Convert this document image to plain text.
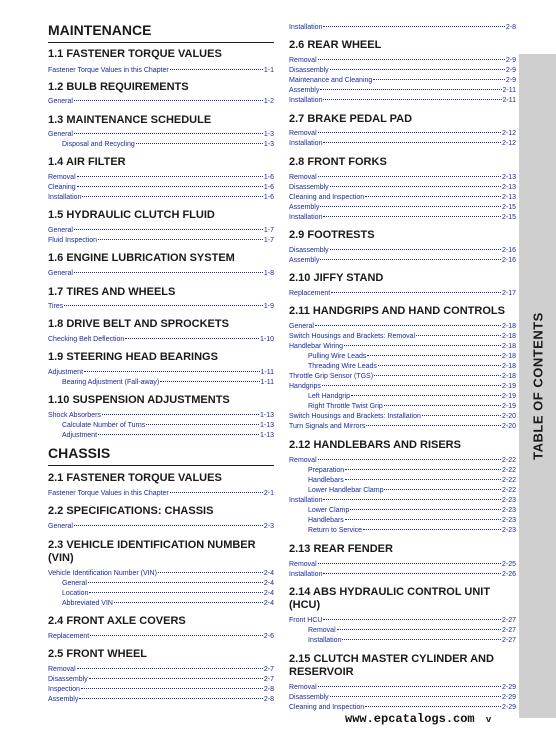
MAINTENANCE
1.1 FASTENER TORQUE VALUES
Fastener Torque Values in this Chapter	1-1
1.2 BULB REQUIREMENTS
General	1-2
1.3 MAINTENANCE SCHEDULE
General	1-3
Disposal and Recycling	1-3
1.4 AIR FILTER
Removal	1-6
Cleaning	1-6
Installation	1-6
1.5 HYDRAULIC CLUTCH FLUID
General	1-7
Fluid Inspection	1-7
1.6 ENGINE LUBRICATION SYSTEM
General	1-8
1.7 TIRES AND WHEELS
Tires	1-9
1.8 DRIVE BELT AND SPROCKETS
Checking Belt Deflection	1-10
1.9 STEERING HEAD BEARINGS
Adjustment	1-11
Bearing Adjustment (Fall-away)	1-11
1.10 SUSPENSION ADJUSTMENTS
Shock Absorbers	1-13
Calculate Number of Turns	1-13
Adjustment	1-13
CHASSIS
2.1 FASTENER TORQUE VALUES
Fastener Torque Values in this Chapter	2-1
2.2 SPECIFICATIONS: CHASSIS
General	2-3
2.3 VEHICLE IDENTIFICATION NUMBER
(VIN)
Vehicle Identification Number (VIN)	2-4
General	2-4
Location	2-4
Abbreviated VIN	2-4
2.4 FRONT AXLE COVERS
Replacement	2-6
2.5 FRONT WHEEL
Removal	2-7
Disassembly	2-7
Inspection	2-8
Assembly	2-8
Installation	2-8
2.6 REAR WHEEL
Removal	2-9
Disassembly	2-9
Maintenance and Cleaning	2-9
Assembly	2-11
Installation	2-11
2.7 BRAKE PEDAL PAD
Removal	2-12
Installation	2-12
2.8 FRONT FORKS
Removal	2-13
Disassembly	2-13
Cleaning and Inspection	2-13
Assembly	2-15
Installation	2-15
2.9 FOOTRESTS
Disassembly	2-16
Assembly	2-16
2.10 JIFFY STAND
Replacement	2-17
2.11 HANDGRIPS AND HAND CONTROLS
General	2-18
Switch Housings and Brackets: Removal	2-18
Handlebar Wiring	2-18
Pulling Wire Leads	2-18
Threading Wire Leads	2-18
Throttle Grip Sensor (TGS)	2-18
Handgrips	2-19
Left Handgrip	2-19
Right Throttle Twist Grip	2-19
Switch Housings and Brackets: Installation	2-20
Turn Signals and Mirrors	2-20
2.12 HANDLEBARS AND RISERS
Removal	2-22
Preparation	2-22
Handlebars	2-22
Lower Handlebar Clamp	2-22
Installation	2-23
Lower Clamp	2-23
Handlebars	2-23
Return to Service	2-23
2.13 REAR FENDER
Removal	2-25
Installation	2-26
2.14 ABS HYDRAULIC CONTROL UNIT
(HCU)
Front HCU	2-27
Removal	2-27
Installation	2-27
2.15 CLUTCH MASTER CYLINDER AND
RESERVOIR
Removal	2-29
Disassembly	2-29
Cleaning and Inspection	2-29
TABLE OF CONTENTS
www.epcatalogs.com v
